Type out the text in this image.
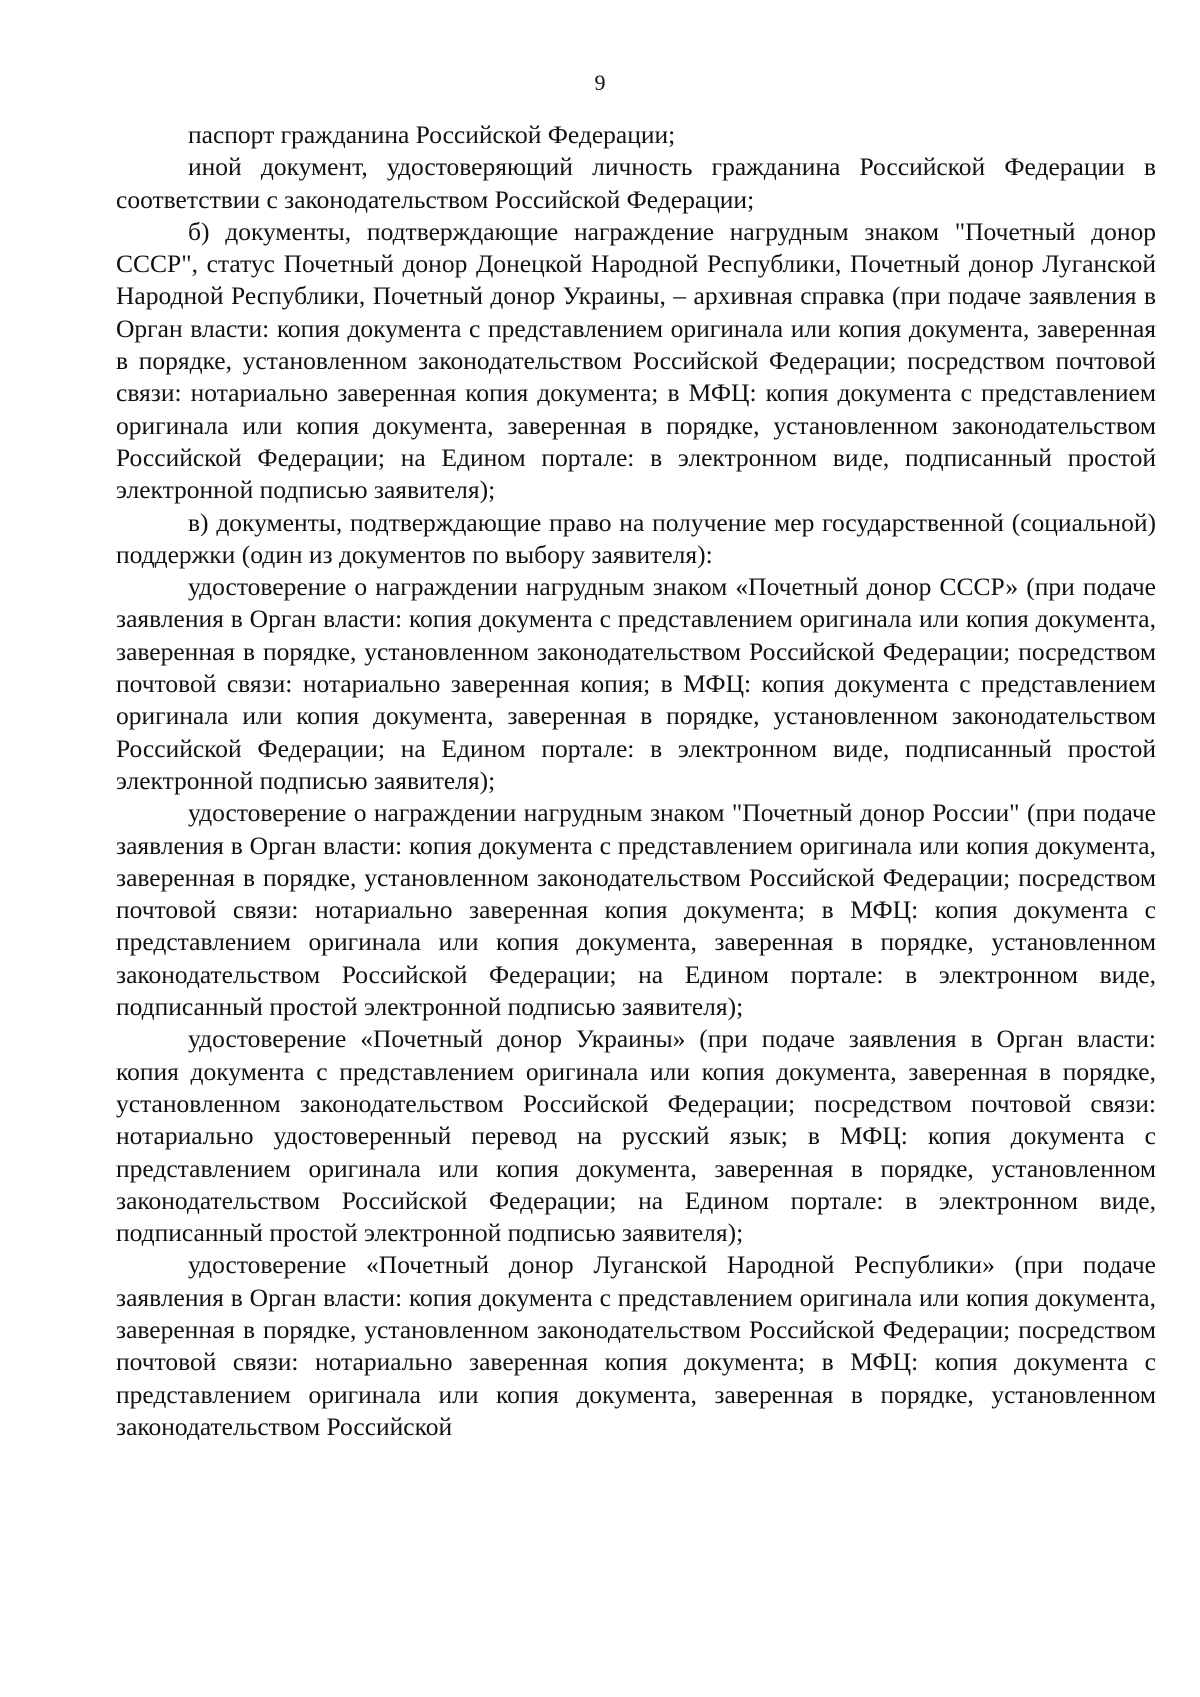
9

паспорт гражданина Российской Федерации;

иной документ, удостоверяющий личность гражданина Российской Федерации в соответствии с законодательством Российской Федерации;

б) документы, подтверждающие награждение нагрудным знаком "Почетный донор СССР", статус Почетный донор Донецкой Народной Республики, Почетный донор Луганской Народной Республики, Почетный донор Украины, – архивная справка (при подаче заявления в Орган власти: копия документа с представлением оригинала или копия документа, заверенная в порядке, установленном законодательством Российской Федерации; посредством почтовой связи: нотариально заверенная копия документа; в МФЦ: копия документа с представлением оригинала или копия документа, заверенная в порядке, установленном законодательством Российской Федерации; на Едином портале: в электронном виде, подписанный простой электронной подписью заявителя);

в) документы, подтверждающие право на получение мер государственной (социальной) поддержки (один из документов по выбору заявителя):

удостоверение о награждении нагрудным знаком «Почетный донор СССР» (при подаче заявления в Орган власти: копия документа с представлением оригинала или копия документа, заверенная в порядке, установленном законодательством Российской Федерации; посредством почтовой связи: нотариально заверенная копия; в МФЦ: копия документа с представлением оригинала или копия документа, заверенная в порядке, установленном законодательством Российской Федерации; на Едином портале: в электронном виде, подписанный простой электронной подписью заявителя);

удостоверение о награждении нагрудным знаком "Почетный донор России" (при подаче заявления в Орган власти: копия документа с представлением оригинала или копия документа, заверенная в порядке, установленном законодательством Российской Федерации; посредством почтовой связи: нотариально заверенная копия документа; в МФЦ: копия документа с представлением оригинала или копия документа, заверенная в порядке, установленном законодательством Российской Федерации; на Едином портале: в электронном виде, подписанный простой электронной подписью заявителя);

удостоверение «Почетный донор Украины» (при подаче заявления в Орган власти: копия документа с представлением оригинала или копия документа, заверенная в порядке, установленном законодательством Российской Федерации; посредством почтовой связи: нотариально удостоверенный перевод на русский язык; в МФЦ: копия документа с представлением оригинала или копия документа, заверенная в порядке, установленном законодательством Российской Федерации; на Едином портале: в электронном виде, подписанный простой электронной подписью заявителя);

удостоверение «Почетный донор Луганской Народной Республики» (при подаче заявления в Орган власти: копия документа с представлением оригинала или копия документа, заверенная в порядке, установленном законодательством Российской Федерации; посредством почтовой связи: нотариально заверенная копия документа; в МФЦ: копия документа с представлением оригинала или копия документа, заверенная в порядке, установленном законодательством Российской
